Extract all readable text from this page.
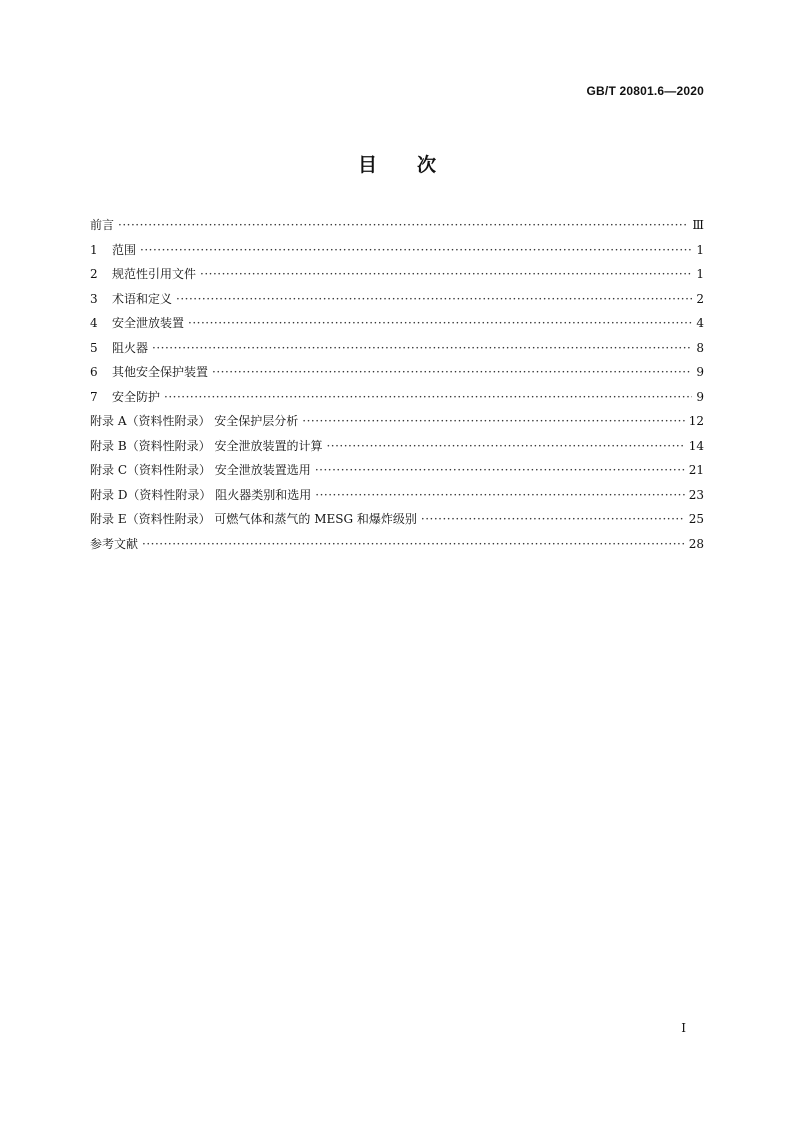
GB/T 20801.6—2020
目 次
前言 ·····	Ⅲ
1	范围 ·····	1
2	规范性引用文件 ·····	1
3	术语和定义 ·····	2
4	安全泄放装置 ·····	4
5	阻火器 ·····	8
6	其他安全保护装置 ·····	9
7	安全防护 ·····	9
附录 A（资料性附录） 安全保护层分析 ·····	12
附录 B（资料性附录） 安全泄放装置的计算 ·····	14
附录 C（资料性附录） 安全泄放装置选用 ·····	21
附录 D（资料性附录） 阻火器类别和选用 ·····	23
附录 E（资料性附录） 可燃气体和蒸气的 MESG 和爆炸级别 ·····	25
参考文献 ·····	28
I
